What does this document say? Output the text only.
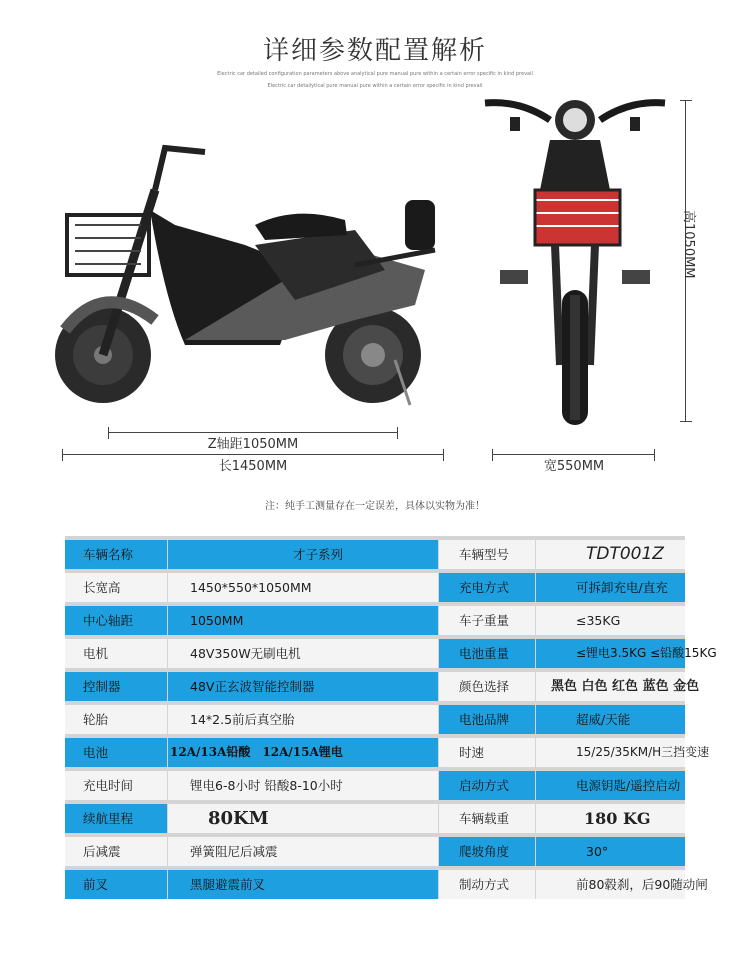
详细参数配置解析
Electric car detailed configuration parameters above analytical pure manual pure within a certain error specific in kind prevail
Electric car detailytical pure manual pure within a certain error specific in kind prevail
Z轴距1050MM
长1450MM	宽550MM
高1050MM
注：纯手工测量存在一定误差，具体以实物为准！
车辆名称	才子系列	车辆型号	TDT001Z
长宽高	1450*550*1050MM	充电方式	可拆卸充电/直充
中心轴距	1050MM	车子重量	≤35KG
电机	48V350W无刷电机	电池重量	≤锂电3.5KG ≤铅酸15KG
控制器	48V正玄波智能控制器	颜色选择	黑色 白色 红色 蓝色 金色
轮胎	14*2.5前后真空胎	电池品牌	超威/天能
电池	12A/13A铅酸　12A/15A锂电	时速	15/25/35KM/H三挡变速
充电时间	锂电6-8小时 铅酸8-10小时	启动方式	电源钥匙/遥控启动
续航里程	80KM	车辆载重	180 KG
后减震	弹簧阻尼后减震	爬坡角度	30°
前叉	黑腿避震前叉	制动方式	前80毂刹，后90随动闸
